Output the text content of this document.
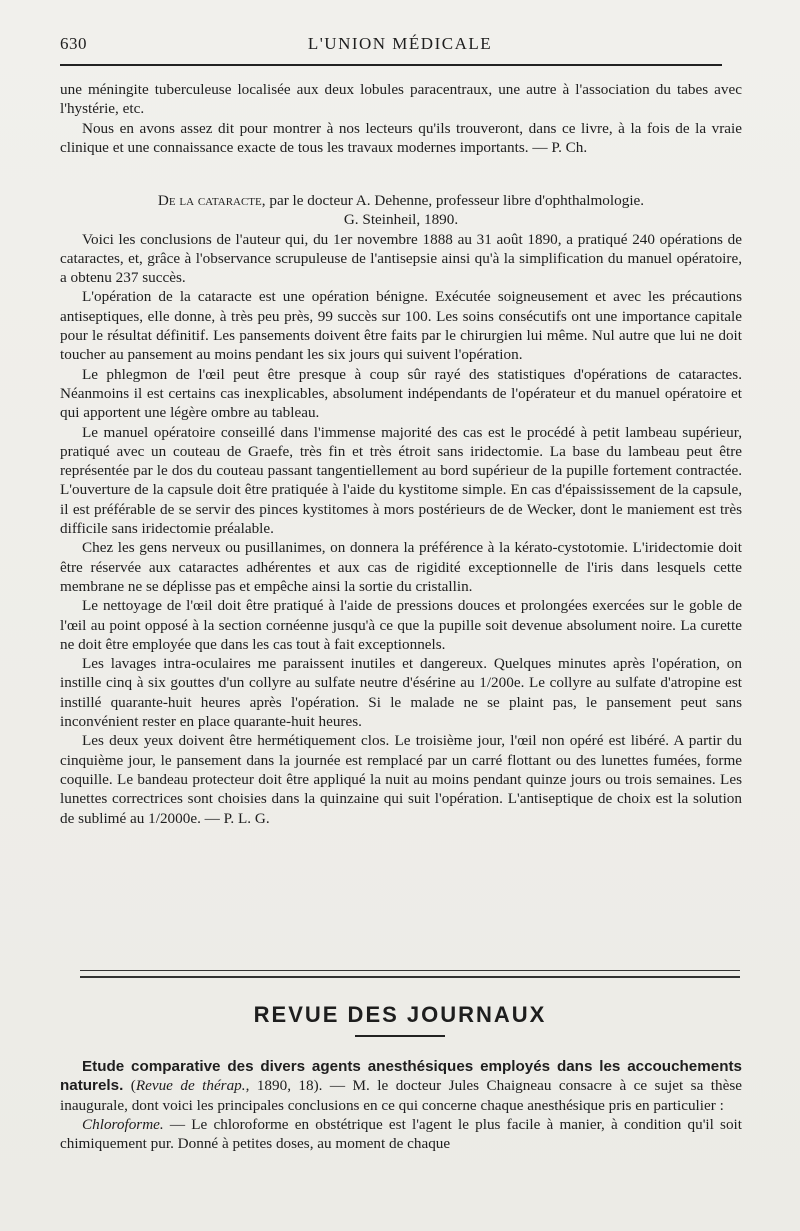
630	L'UNION MÉDICALE

une méningite tuberculeuse localisée aux deux lobules paracentraux, une autre à l'association du tabes avec l'hystérie, etc.

Nous en avons assez dit pour montrer à nos lecteurs qu'ils trouveront, dans ce livre, à la fois de la vraie clinique et une connaissance exacte de tous les travaux modernes importants. — P. Ch.

De la cataracte, par le docteur A. Dehenne, professeur libre d'ophthalmologie.

G. Steinheil, 1890.

Voici les conclusions de l'auteur qui, du 1er novembre 1888 au 31 août 1890, a pratiqué 240 opérations de cataractes, et, grâce à l'observance scrupuleuse de l'antisepsie ainsi qu'à la simplification du manuel opératoire, a obtenu 237 succès.

L'opération de la cataracte est une opération bénigne. Exécutée soigneusement et avec les précautions antiseptiques, elle donne, à très peu près, 99 succès sur 100. Les soins consécutifs ont une importance capitale pour le résultat définitif. Les pansements doivent être faits par le chirurgien lui même. Nul autre que lui ne doit toucher au pansement au moins pendant les six jours qui suivent l'opération.

Le phlegmon de l'œil peut être presque à coup sûr rayé des statistiques d'opérations de cataractes. Néanmoins il est certains cas inexplicables, absolument indépendants de l'opérateur et du manuel opératoire et qui apportent une légère ombre au tableau.

Le manuel opératoire conseillé dans l'immense majorité des cas est le procédé à petit lambeau supérieur, pratiqué avec un couteau de Graefe, très fin et très étroit sans iridectomie. La base du lambeau peut être représentée par le dos du couteau passant tangentiellement au bord supérieur de la pupille fortement contractée. L'ouverture de la capsule doit être pratiquée à l'aide du kystitome simple. En cas d'épaississement de la capsule, il est préférable de se servir des pinces kystitomes à mors postérieurs de de Wecker, dont le maniement est très difficile sans iridectomie préalable.

Chez les gens nerveux ou pusillanimes, on donnera la préférence à la kérato-cystotomie. L'iridectomie doit être réservée aux cataractes adhérentes et aux cas de rigidité exceptionnelle de l'iris dans lesquels cette membrane ne se déplisse pas et empêche ainsi la sortie du cristallin.

Le nettoyage de l'œil doit être pratiqué à l'aide de pressions douces et prolongées exercées sur le goble de l'œil au point opposé à la section cornéenne jusqu'à ce que la pupille soit devenue absolument noire. La curette ne doit être employée que dans les cas tout à fait exceptionnels.

Les lavages intra-oculaires me paraissent inutiles et dangereux. Quelques minutes après l'opération, on instille cinq à six gouttes d'un collyre au sulfate neutre d'ésérine au 1/200e. Le collyre au sulfate d'atropine est instillé quarante-huit heures après l'opération. Si le malade ne se plaint pas, le pansement peut sans inconvénient rester en place quarante-huit heures.

Les deux yeux doivent être hermétiquement clos. Le troisième jour, l'œil non opéré est libéré. A partir du cinquième jour, le pansement dans la journée est remplacé par un carré flottant ou des lunettes fumées, forme coquille. Le bandeau protecteur doit être appliqué la nuit au moins pendant quinze jours ou trois semaines. Les lunettes correctrices sont choisies dans la quinzaine qui suit l'opération. L'antiseptique de choix est la solution de sublimé au 1/2000e. — P. L. G.

REVUE DES JOURNAUX

Etude comparative des divers agents anesthésiques employés dans les accouchements naturels. (Revue de thérap., 1890, 18). — M. le docteur Jules Chaigneau consacre à ce sujet sa thèse inaugurale, dont voici les principales conclusions en ce qui concerne chaque anesthésique pris en particulier :

Chloroforme. — Le chloroforme en obstétrique est l'agent le plus facile à manier, à condition qu'il soit chimiquement pur. Donné à petites doses, au moment de chaque
